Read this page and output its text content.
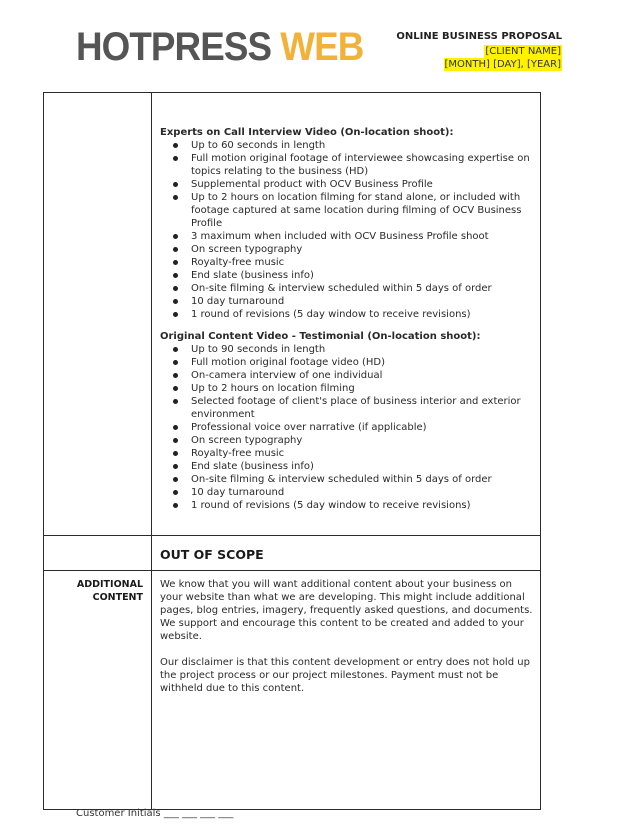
HOTPRESS WEB	ONLINE BUSINESS PROPOSAL
[CLIENT NAME]
[MONTH] [DAY], [YEAR]
Experts on Call Interview Video (On-location shoot):
Up to 60 seconds in length
Full motion original footage of interviewee showcasing expertise on topics relating to the business (HD)
Supplemental product with OCV Business Profile
Up to 2 hours on location filming for stand alone, or included with footage captured at same location during filming of OCV Business Profile
3 maximum when included with OCV Business Profile shoot
On screen typography
Royalty-free music
End slate (business info)
On-site filming & interview scheduled within 5 days of order
10 day turnaround
1 round of revisions (5 day window to receive revisions)
Original Content Video - Testimonial (On-location shoot):
Up to 90 seconds in length
Full motion original footage video (HD)
On-camera interview of one individual
Up to 2 hours on location filming
Selected footage of client's place of business interior and exterior environment
Professional voice over narrative (if applicable)
On screen typography
Royalty-free music
End slate (business info)
On-site filming & interview scheduled within 5 days of order
10 day turnaround
1 round of revisions (5 day window to receive revisions)
OUT OF SCOPE
ADDITIONAL CONTENT

We know that you will want additional content about your business on your website than what we are developing. This might include additional pages, blog entries, imagery, frequently asked questions, and documents. We support and encourage this content to be created and added to your website.

Our disclaimer is that this content development or entry does not hold up the project process or our project milestones. Payment must not be withheld due to this content.

Customer Initials ___ ___ ___ ___
